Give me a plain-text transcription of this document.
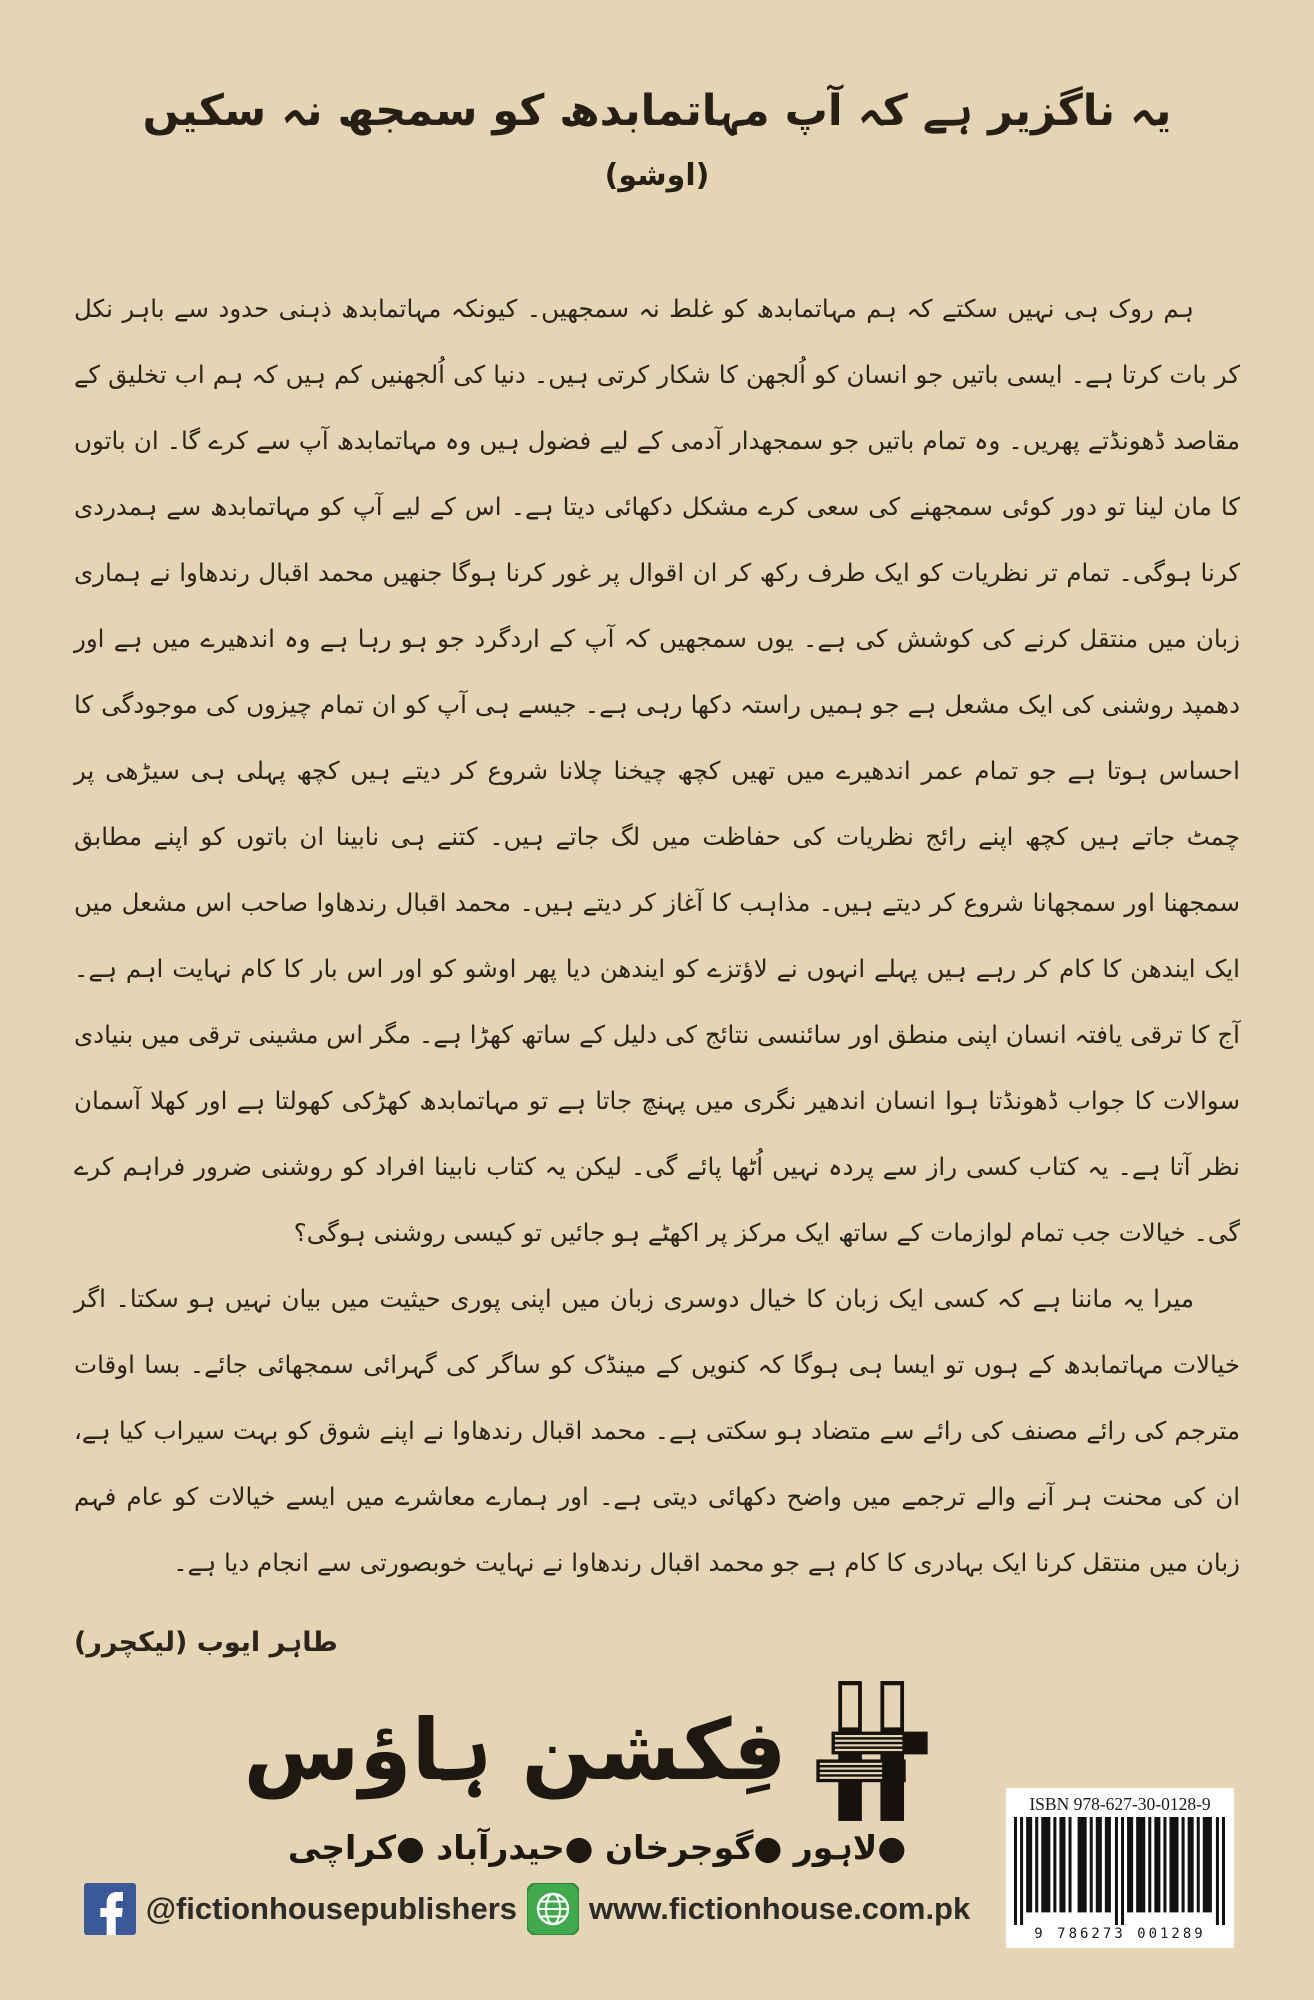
یہ ناگزیر ہے کہ آپ مہاتمابدھ کو سمجھ نہ سکیں
(اوشو)

ہم روک ہی نہیں سکتے کہ ہم مہاتمابدھ کو غلط نہ سمجھیں۔ کیونکہ مہاتمابدھ ذہنی حدود سے باہر نکل کر بات کرتا ہے۔ ایسی باتیں جو انسان کو اُلجھن کا شکار کرتی ہیں۔ دنیا کی اُلجھنیں کم ہیں کہ ہم اب تخلیق کے مقاصد ڈھونڈتے پھریں۔ وہ تمام باتیں جو سمجھدار آدمی کے لیے فضول ہیں وہ مہاتمابدھ آپ سے کرے گا۔ ان باتوں کا مان لینا تو دور کوئی سمجھنے کی سعی کرے مشکل دکھائی دیتا ہے۔ اس کے لیے آپ کو مہاتمابدھ سے ہمدردی کرنا ہوگی۔ تمام تر نظریات کو ایک طرف رکھ کر ان اقوال پر غور کرنا ہوگا جنھیں محمد اقبال رندھاوا نے ہماری زبان میں منتقل کرنے کی کوشش کی ہے۔ یوں سمجھیں کہ آپ کے اردگرد جو ہو رہا ہے وہ اندھیرے میں ہے اور دھمپد روشنی کی ایک مشعل ہے جو ہمیں راستہ دکھا رہی ہے۔ جیسے ہی آپ کو ان تمام چیزوں کی موجودگی کا احساس ہوتا ہے جو تمام عمر اندھیرے میں تھیں کچھ چیخنا چلانا شروع کر دیتے ہیں کچھ پہلی ہی سیڑھی پر چمٹ جاتے ہیں کچھ اپنے رائج نظریات کی حفاظت میں لگ جاتے ہیں۔ کتنے ہی نابینا ان باتوں کو اپنے مطابق سمجھنا اور سمجھانا شروع کر دیتے ہیں۔ مذاہب کا آغاز کر دیتے ہیں۔ محمد اقبال رندھاوا صاحب اس مشعل میں ایک ایندھن کا کام کر رہے ہیں پہلے انہوں نے لاؤتزے کو ایندھن دیا پھر اوشو کو اور اس بار کا کام نہایت اہم ہے۔ آج کا ترقی یافتہ انسان اپنی منطق اور سائنسی نتائج کی دلیل کے ساتھ کھڑا ہے۔ مگر اس مشینی ترقی میں بنیادی سوالات کا جواب ڈھونڈتا ہوا انسان اندھیر نگری میں پہنچ جاتا ہے تو مہاتمابدھ کھڑکی کھولتا ہے اور کھلا آسمان نظر آتا ہے۔ یہ کتاب کسی راز سے پردہ نہیں اُٹھا پائے گی۔ لیکن یہ کتاب نابینا افراد کو روشنی ضرور فراہم کرے گی۔ خیالات جب تمام لوازمات کے ساتھ ایک مرکز پر اکھٹے ہو جائیں تو کیسی روشنی ہوگی؟

میرا یہ ماننا ہے کہ کسی ایک زبان کا خیال دوسری زبان میں اپنی پوری حیثیت میں بیان نہیں ہو سکتا۔ اگر خیالات مہاتمابدھ کے ہوں تو ایسا ہی ہوگا کہ کنویں کے مینڈک کو ساگر کی گہرائی سمجھائی جائے۔ بسا اوقات مترجم کی رائے مصنف کی رائے سے متضاد ہو سکتی ہے۔ محمد اقبال رندھاوا نے اپنے شوق کو بہت سیراب کیا ہے، ان کی محنت ہر آنے والے ترجمے میں واضح دکھائی دیتی ہے۔ اور ہمارے معاشرے میں ایسے خیالات کو عام فہم زبان میں منتقل کرنا ایک بہادری کا کام ہے جو محمد اقبال رندھاوا نے نہایت خوبصورتی سے انجام دیا ہے۔

طاہر ایوب (لیکچرر)
فِکشن ہاؤس
●لاہور ●گوجرخان ●حیدرآباد ●کراچی
@fictionhousepublishers www.fictionhouse.com.pk
ISBN 978-627-30-0128-9
9 786273 001289
